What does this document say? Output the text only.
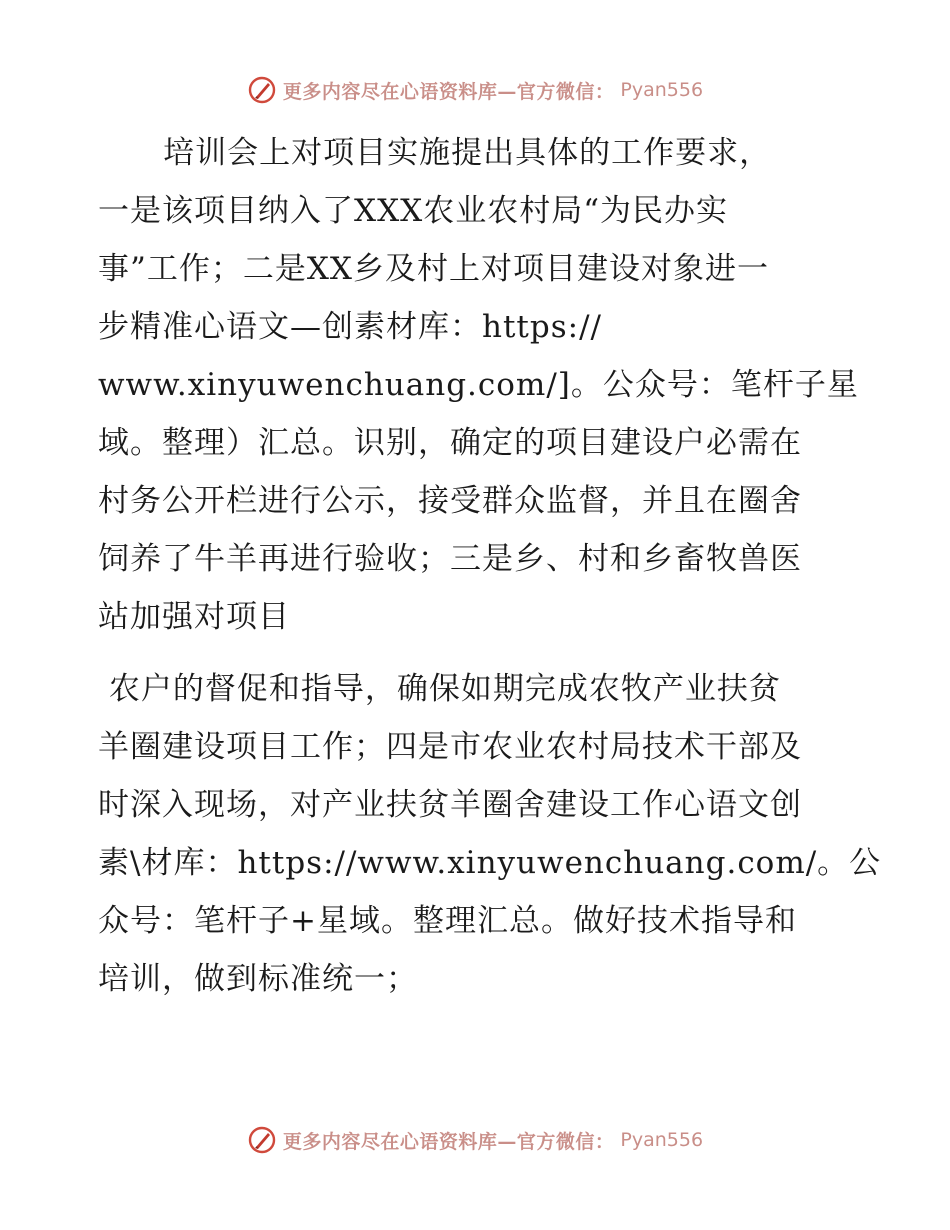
更多内容尽在心语资料库—官方微信： Pyan556
培训会上对项目实施提出具体的工作要求，
一是该项目纳入了XXX农业农村局“为民办实
事”工作；二是XX乡及村上对项目建设对象进一
步精准心语文—创素材库：https://
www.xinyuwenchuang.com/]。公众号：笔杆子星
域。整理）汇总。识别，确定的项目建设户必需在
村务公开栏进行公示，接受群众监督，并且在圈舍
饲养了牛羊再进行验收；三是乡、村和乡畜牧兽医
站加强对项目
农户的督促和指导，确保如期完成农牧产业扶贫
羊圈建设项目工作；四是市农业农村局技术干部及
时深入现场，对产业扶贫羊圈舍建设工作心语文创
素\材库：https://www.xinyuwenchuang.com/。公
众号：笔杆子+星域。整理汇总。做好技术指导和
培训，做到标准统一；
更多内容尽在心语资料库—官方微信： Pyan556
